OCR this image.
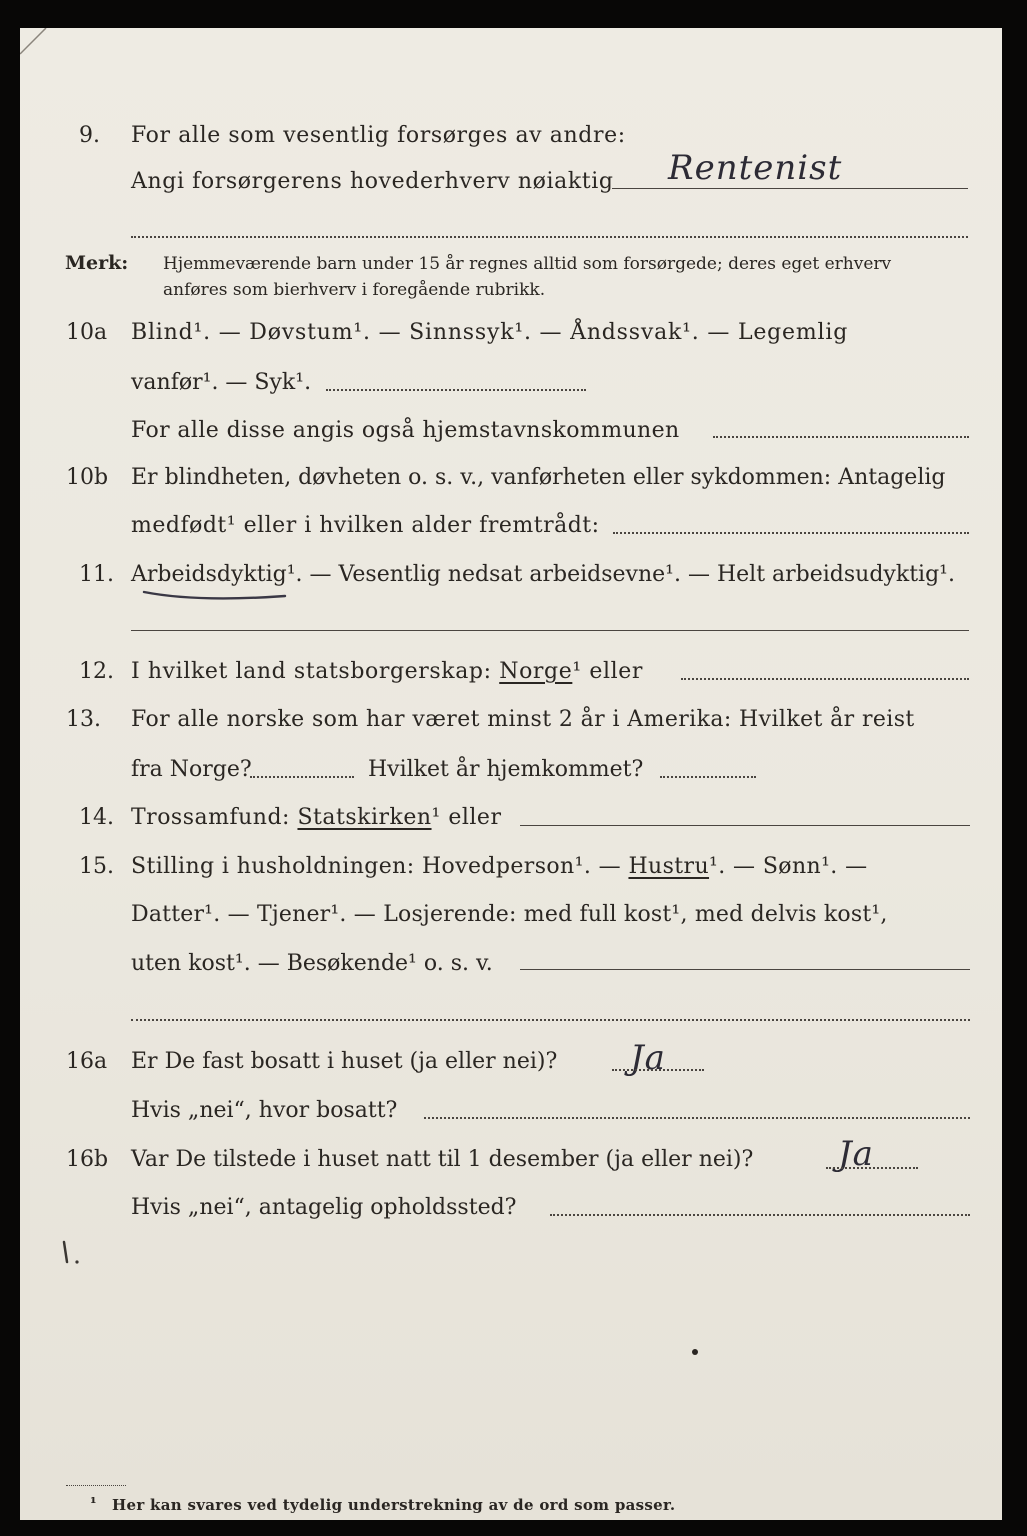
9. For alle som vesentlig forsørges av andre:
Angi forsørgerens hovederhverv nøiaktig Rentenist
Merk: Hjemmeværende barn under 15 år regnes alltid som forsørgede; deres eget erhverv
anføres som bierhverv i foregående rubrikk.
10a Blind¹. — Døvstum¹. — Sinnssyk¹. — Åndssvak¹. — Legemlig
vanfør¹. — Syk¹.
For alle disse angis også hjemstavnskommunen
10b Er blindheten, døvheten o. s. v., vanførheten eller sykdommen: Antagelig
medfødt¹ eller i hvilken alder fremtrådt:
11. Arbeidsdyktig¹. — Vesentlig nedsat arbeidsevne¹. — Helt arbeidsudyktig¹.
12. I hvilket land statsborgerskap: Norge¹ eller
13. For alle norske som har været minst 2 år i Amerika: Hvilket år reist
fra Norge?	Hvilket år hjemkommet?
14. Trossamfund: Statskirken¹ eller
15. Stilling i husholdningen: Hovedperson¹. — Hustru¹. — Sønn¹. —
Datter¹. — Tjener¹. — Losjerende: med full kost¹, med delvis kost¹,
uten kost¹. — Besøkende¹ o. s. v.
16a Er De fast bosatt i huset (ja eller nei)? Ja
Hvis „nei“, hvor bosatt?
16b Var De tilstede i huset natt til 1 desember (ja eller nei)? Ja
Hvis „nei“, antagelig opholdssted?
¹ Her kan svares ved tydelig understrekning av de ord som passer.
